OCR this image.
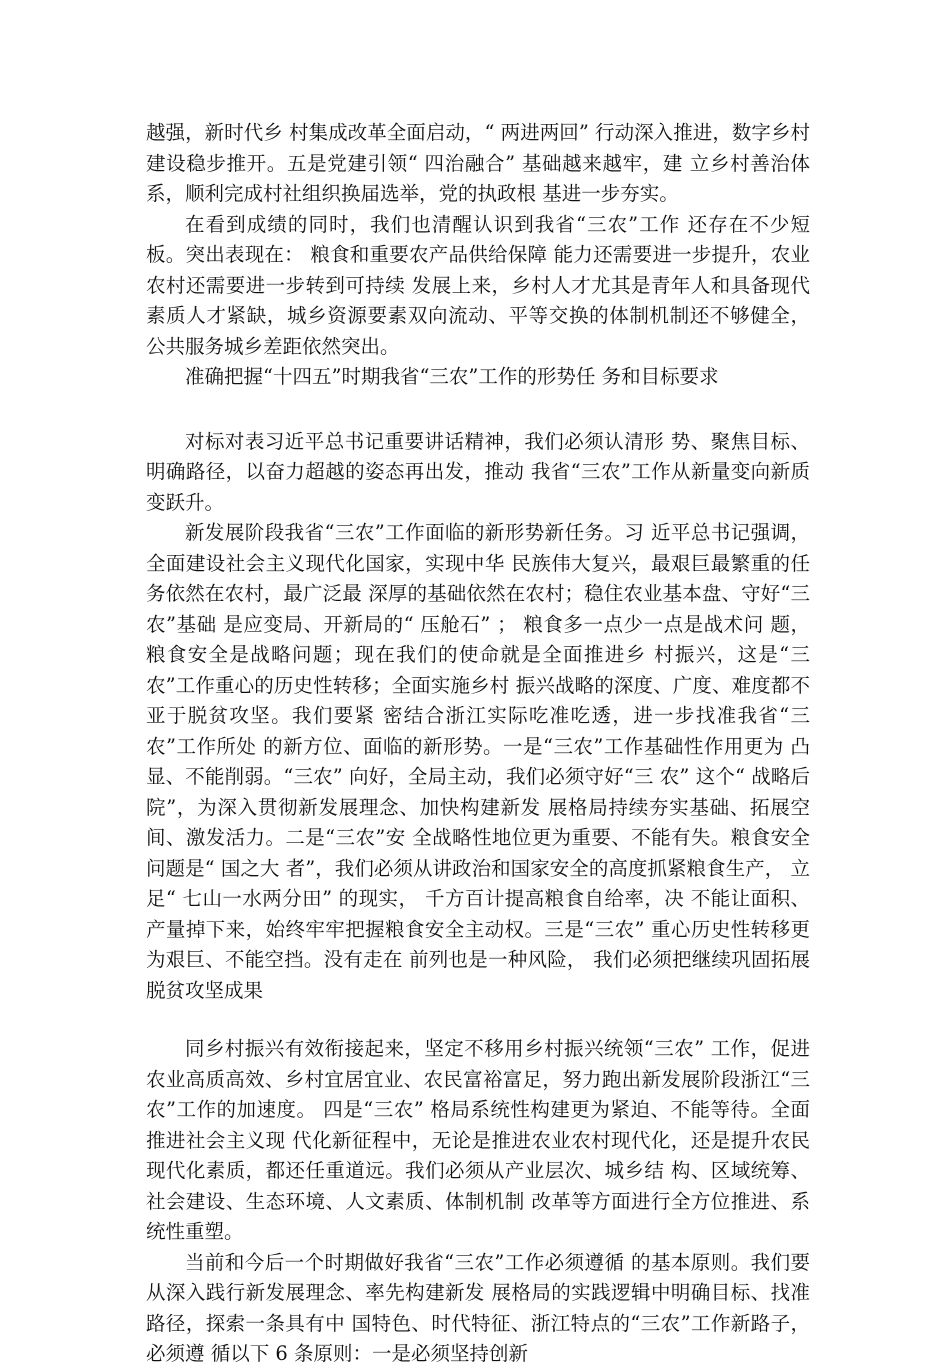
越强，新时代乡 村集成改革全面启动，“ 两进两回” 行动深入推进，数字乡村 建设稳步推开。五是党建引领“ 四治融合” 基础越来越牢，建 立乡村善治体系，顺利完成村社组织换届选举，党的执政根 基进一步夯实。

在看到成绩的同时，我们也清醒认识到我省“三农”工作 还存在不少短板。突出表现在： 粮食和重要农产品供给保障 能力还需要进一步提升，农业农村还需要进一步转到可持续 发展上来，乡村人才尤其是青年人和具备现代素质人才紧缺，城乡资源要素双向流动、平等交换的体制机制还不够健全， 公共服务城乡差距依然突出。

准确把握“十四五”时期我省“三农”工作的形势任 务和目标要求

对标对表习近平总书记重要讲话精神，我们必须认清形 势、聚焦目标、明确路径，以奋力超越的姿态再出发，推动 我省“三农”工作从新量变向新质变跃升。

新发展阶段我省“三农”工作面临的新形势新任务。习 近平总书记强调，全面建设社会主义现代化国家，实现中华 民族伟大复兴，最艰巨最繁重的任务依然在农村，最广泛最 深厚的基础依然在农村；稳住农业基本盘、守好“三农”基础 是应变局、开新局的“ 压舱石” ； 粮食多一点少一点是战术问 题，粮食安全是战略问题；现在我们的使命就是全面推进乡 村振兴，这是“三农”工作重心的历史性转移；全面实施乡村 振兴战略的深度、广度、难度都不亚于脱贫攻坚。我们要紧 密结合浙江实际吃准吃透，进一步找准我省“三农”工作所处 的新方位、面临的新形势。一是“三农”工作基础性作用更为 凸显、不能削弱。“三农” 向好，全局主动，我们必须守好“三 农” 这个“ 战略后院”，为深入贯彻新发展理念、加快构建新发 展格局持续夯实基础、拓展空间、激发活力。二是“三农”安 全战略性地位更为重要、不能有失。粮食安全问题是“ 国之大 者”，我们必须从讲政治和国家安全的高度抓紧粮食生产， 立 足“ 七山一水两分田” 的现实， 千方百计提高粮食自给率，决 不能让面积、产量掉下来，始终牢牢把握粮食安全主动权。三是“三农” 重心历史性转移更为艰巨、不能空挡。没有走在 前列也是一种风险， 我们必须把继续巩固拓展脱贫攻坚成果

同乡村振兴有效衔接起来，坚定不移用乡村振兴统领“三农” 工作，促进农业高质高效、乡村宜居宜业、农民富裕富足，努力跑出新发展阶段浙江“三农”工作的加速度。 四是“三农” 格局系统性构建更为紧迫、不能等待。全面推进社会主义现 代化新征程中，无论是推进农业农村现代化，还是提升农民 现代化素质，都还任重道远。我们必须从产业层次、城乡结 构、区域统筹、社会建设、生态环境、人文素质、体制机制 改革等方面进行全方位推进、系统性重塑。

当前和今后一个时期做好我省“三农”工作必须遵循 的基本原则。我们要从深入践行新发展理念、率先构建新发 展格局的实践逻辑中明确目标、找准路径，探索一条具有中 国特色、时代特征、浙江特点的“三农”工作新路子，必须遵 循以下 6 条原则：一是必须坚持创新
